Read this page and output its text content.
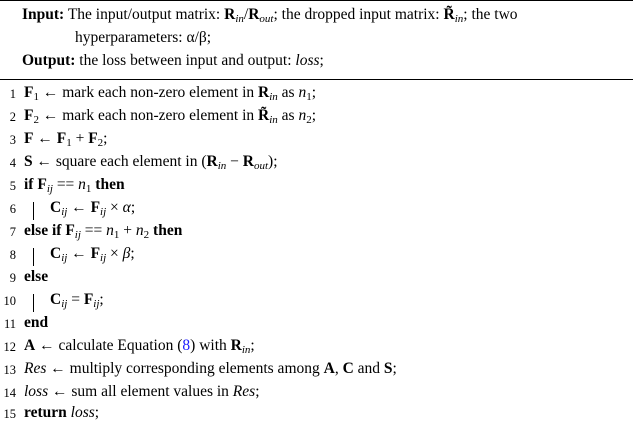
Input: The input/output matrix: $R_{in}/R_{out}$; the dropped input matrix: $R̃_{in}$; the two
hyperparameters: α/β;
Output: the loss between input and output: loss;
1 $F_1$ ← mark each non-zero element in $R_{in}$ as $n_1$;
2 $F_2$ ← mark each non-zero element in $R̃_{in}$ as $n_2$;
3 F ← $F_1 + F_2$;
4 S ← square each element in $(R_{in} - R_{out})$;
5 if $F_{ij} == n_1$ then
6 $C_{ij}$ ← $F_{ij} \times \alpha$;
7 else if $F_{ij} == n_1 + n_2$ then
8 $C_{ij}$ ← $F_{ij} \times \beta$;
9 else
10 $C_{ij} = F_{ij}$;
11 end
12 A ← calculate Equation (8) with $R_{in}$;
13 Res ← multiply corresponding elements among A, C and S;
14 loss ← sum all element values in Res;
15 return loss;
